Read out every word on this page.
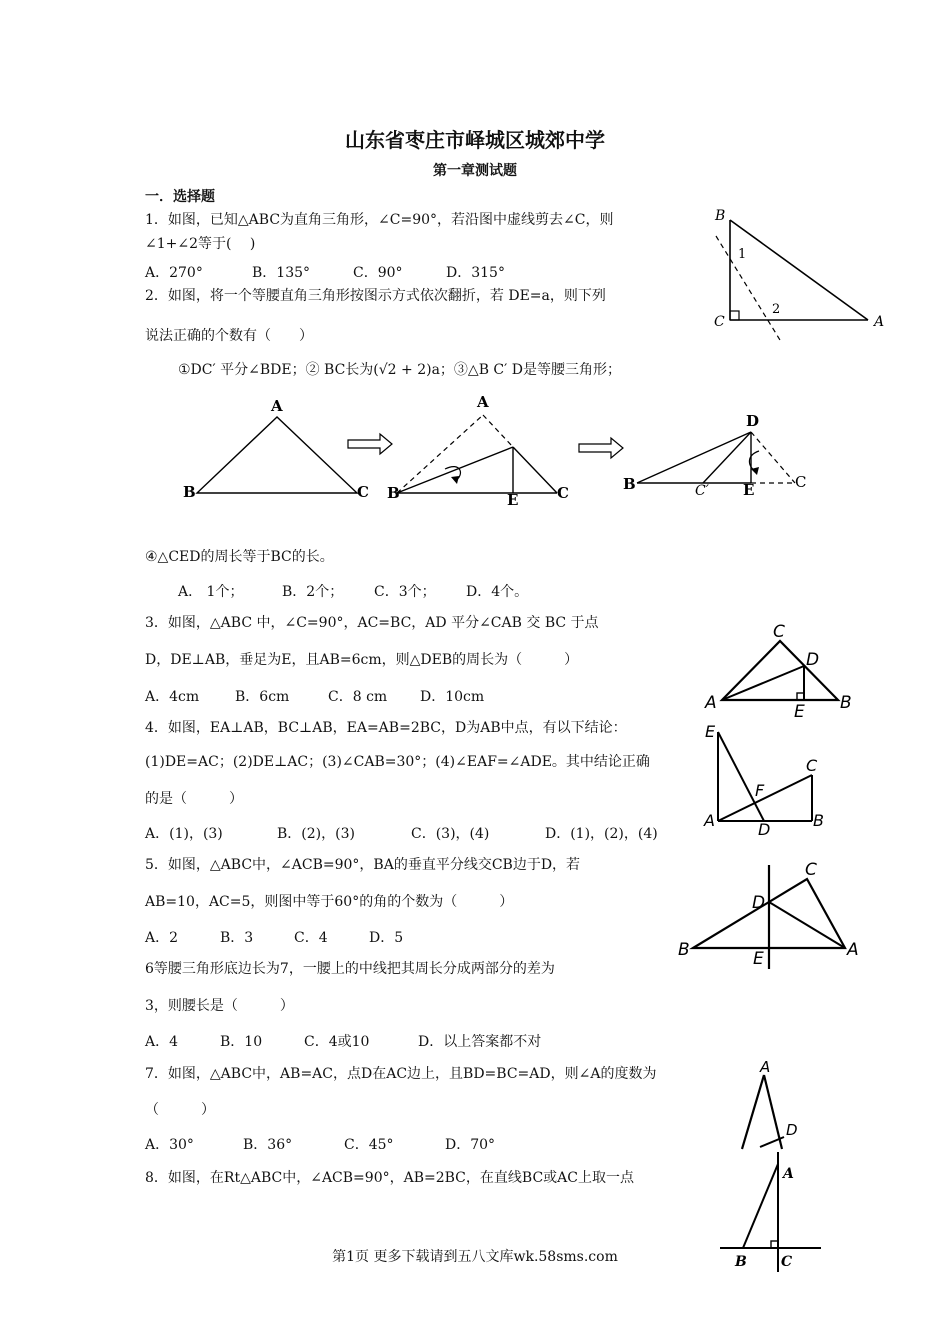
山东省枣庄市峄城区城郊中学
第一章测试题
一．选择题
1．如图，已知△ABC为直角三角形，∠C=90°，若沿图中虚线剪去∠C，则
∠1+∠2等于(　 )
A．270°	B．135°	C．90°	D．315°
B
C	A
1
2
2．如图，将一个等腰直角三角形按图示方式依次翻折，若 DE=a，则下列
说法正确的个数有（　　）
①DC′ 平分∠BDE；② BC长为(√2 + 2)a；③△B C′ D是等腰三角形；
A
B	C
A
B	C
E
D
B	C′ E	C
④△CED的周长等于BC的长。
A． 1个；	B．2个； C．3个； D．4个。
3．如图，△ABC 中，∠C=90°，AC=BC，AD 平分∠CAB 交 BC 于点
D，DE⊥AB，垂足为E，且AB=6cm，则△DEB的周长为（　　　）
A．4cm	B．6cm	C．8 cm D．10cm
C
D
A	E B
4．如图，EA⊥AB，BC⊥AB，EA=AB=2BC，D为AB中点，有以下结论：
(1)DE=AC；(2)DE⊥AC；(3)∠CAB=30°；(4)∠EAF=∠ADE。其中结论正确
的是（　　　）
A．(1)，(3)	B．(2)，(3)	C．(3)，(4)	D．(1)，(2)，(4)
E
C
F
A	D	B
5．如图，△ABC中，∠ACB=90°，BA的垂直平分线交CB边于D，若
AB=10，AC=5，则图中等于60°的角的个数为（　　　）
A．2	B．3	C．4	D．5
C
D
B	A
E
6等腰三角形底边长为7，一腰上的中线把其周长分成两部分的差为
3，则腰长是（　　　）
A．4	B．10	C．4或10	D．以上答案都不对
7．如图，△ABC中，AB=AC，点D在AC边上，且BD=BC=AD，则∠A的度数为
（　　　）
A．30°	B．36°	C．45°	D．70°
A
D
8．如图，在Rt△ABC中，∠ACB=90°，AB=2BC，在直线BC或AC上取一点	A
B C
第1页 更多下载请到五八文库wk.58sms.com
